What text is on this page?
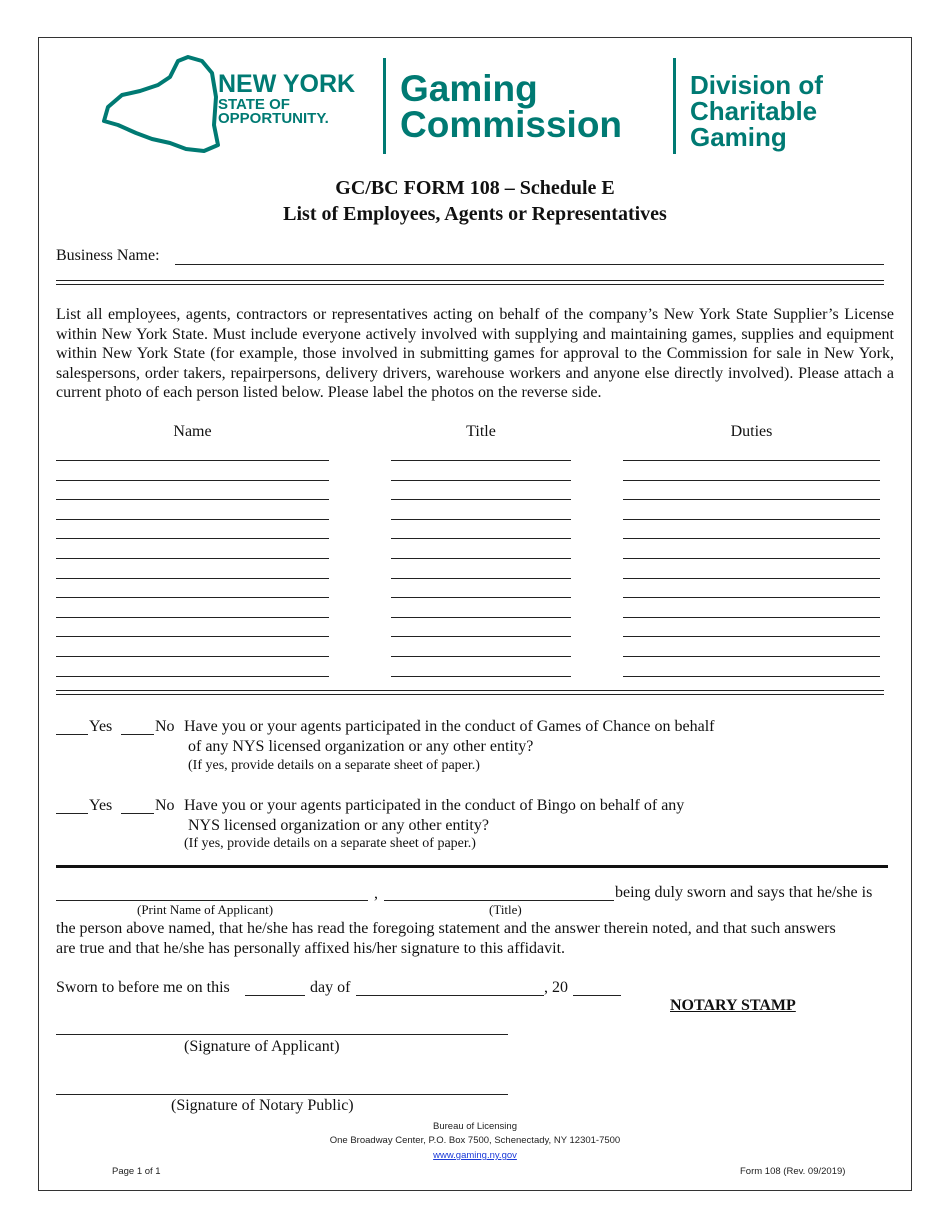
NEW YORK
STATE OF
OPPORTUNITY.
Gaming
Commission
Division of
Charitable
Gaming
GC/BC FORM 108 – Schedule E
List of Employees, Agents or Representatives
Business Name:
List all employees, agents, contractors or representatives acting on behalf of the company’s New York State Supplier’s License within New York State. Must include everyone actively involved with supplying and maintaining games, supplies and equipment within New York State (for example, those involved in submitting games for approval to the Commission for sale in New York, salespersons, order takers, repairpersons, delivery drivers, warehouse workers and anyone else directly involved). Please attach a current photo of each person listed below. Please label the photos on the reverse side.
Name	Title	Duties
Yes	No Have you or your agents participated in the conduct of Games of Chance on behalf
of any NYS licensed organization or any other entity?
(If yes, provide details on a separate sheet of paper.)
Yes	No Have you or your agents participated in the conduct of Bingo on behalf of any
NYS licensed organization or any other entity?
(If yes, provide details on a separate sheet of paper.)
,	being duly sworn and says that he/she is
(Print Name of Applicant)	(Title)
the person above named, that he/she has read the foregoing statement and the answer therein noted, and that such answers
are true and that he/she has personally affixed his/her signature to this affidavit.
Sworn to before me on this	day of	, 20
NOTARY STAMP
(Signature of Applicant)
(Signature of Notary Public)
Bureau of Licensing
One Broadway Center, P.O. Box 7500, Schenectady, NY 12301-7500
www.gaming.ny.gov
Page 1 of 1	Form 108 (Rev. 09/2019)
